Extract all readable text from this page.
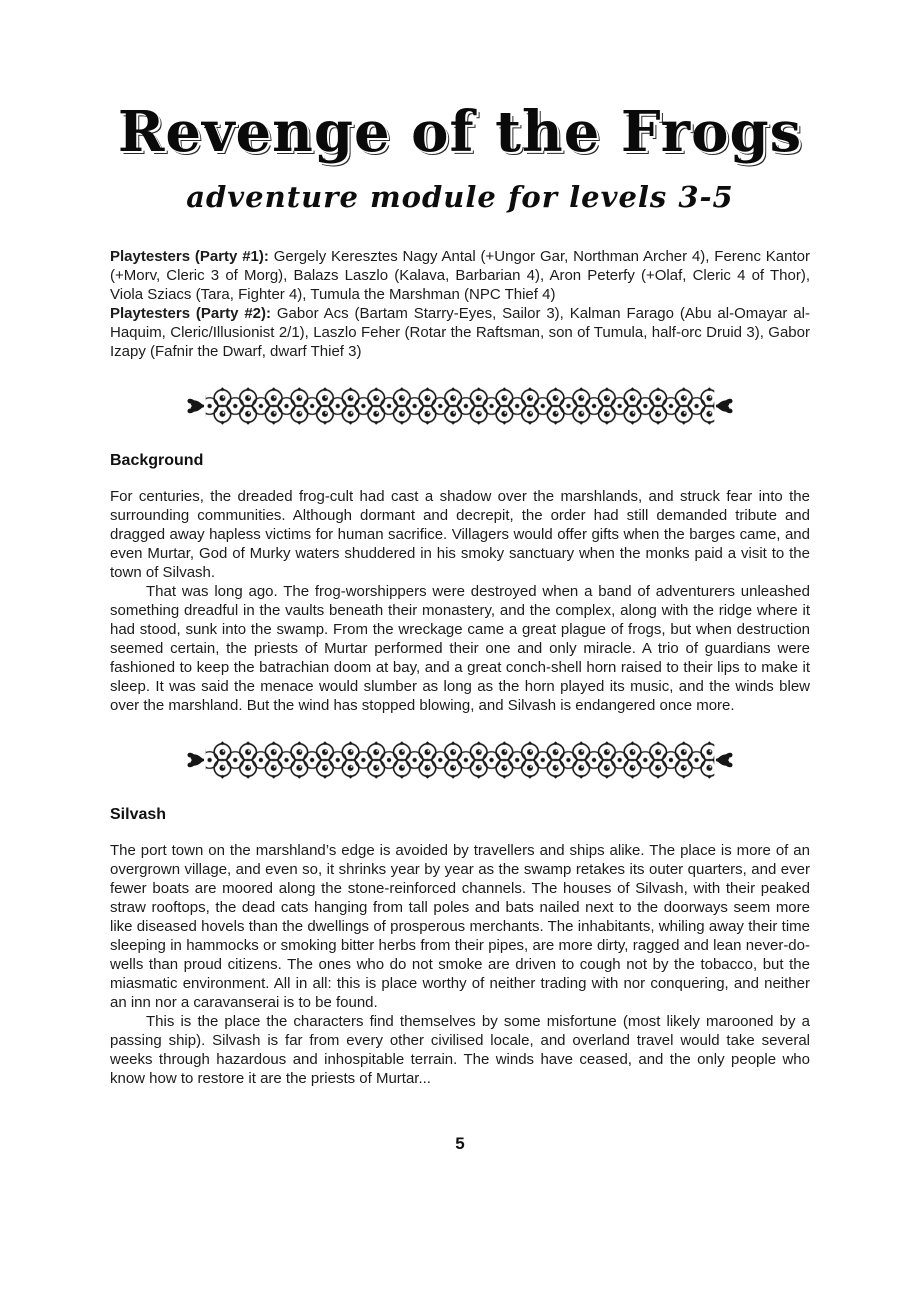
Revenge of the Frogs
adventure module for levels 3-5

Playtesters (Party #1): Gergely Keresztes Nagy Antal (+Ungor Gar, Northman Archer 4), Ferenc Kantor (+Morv, Cleric 3 of Morg), Balazs Laszlo (Kalava, Barbarian 4), Aron Peterfy (+Olaf, Cleric 4 of Thor), Viola Sziacs (Tara, Fighter 4), Tumula the Marshman (NPC Thief 4)

Playtesters (Party #2): Gabor Acs (Bartam Starry-Eyes, Sailor 3), Kalman Farago (Abu al-Omayar al-Haquim, Cleric/Illusionist 2/1), Laszlo Feher (Rotar the Raftsman, son of Tumula, half-orc Druid 3), Gabor Izapy (Fafnir the Dwarf, dwarf Thief 3)

Background

For centuries, the dreaded frog-cult had cast a shadow over the marshlands, and struck fear into the surrounding communities. Although dormant and decrepit, the order had still demanded tribute and dragged away hapless victims for human sacrifice. Villagers would offer gifts when the barges came, and even Murtar, God of Murky waters shuddered in his smoky sanctuary when the monks paid a visit to the town of Silvash.

That was long ago. The frog-worshippers were destroyed when a band of adventurers unleashed something dreadful in the vaults beneath their monastery, and the complex, along with the ridge where it had stood, sunk into the swamp. From the wreckage came a great plague of frogs, but when destruction seemed certain, the priests of Murtar performed their one and only miracle. A trio of guardians were fashioned to keep the batrachian doom at bay, and a great conch-shell horn raised to their lips to make it sleep. It was said the menace would slumber as long as the horn played its music, and the winds blew over the marshland. But the wind has stopped blowing, and Silvash is endangered once more.

Silvash

The port town on the marshland’s edge is avoided by travellers and ships alike. The place is more of an overgrown village, and even so, it shrinks year by year as the swamp retakes its outer quarters, and ever fewer boats are moored along the stone-reinforced channels. The houses of Silvash, with their peaked straw rooftops, the dead cats hanging from tall poles and bats nailed next to the doorways seem more like diseased hovels than the dwellings of prosperous merchants. The inhabitants, whiling away their time sleeping in hammocks or smoking bitter herbs from their pipes, are more dirty, ragged and lean never-do-wells than proud citizens. The ones who do not smoke are driven to cough not by the tobacco, but the miasmatic environment. All in all: this is place worthy of neither trading with nor conquering, and neither an inn nor a caravanserai is to be found.

This is the place the characters find themselves by some misfortune (most likely marooned by a passing ship). Silvash is far from every other civilised locale, and overland travel would take several weeks through hazardous and inhospitable terrain. The winds have ceased, and the only people who know how to restore it are the priests of Murtar...

5
